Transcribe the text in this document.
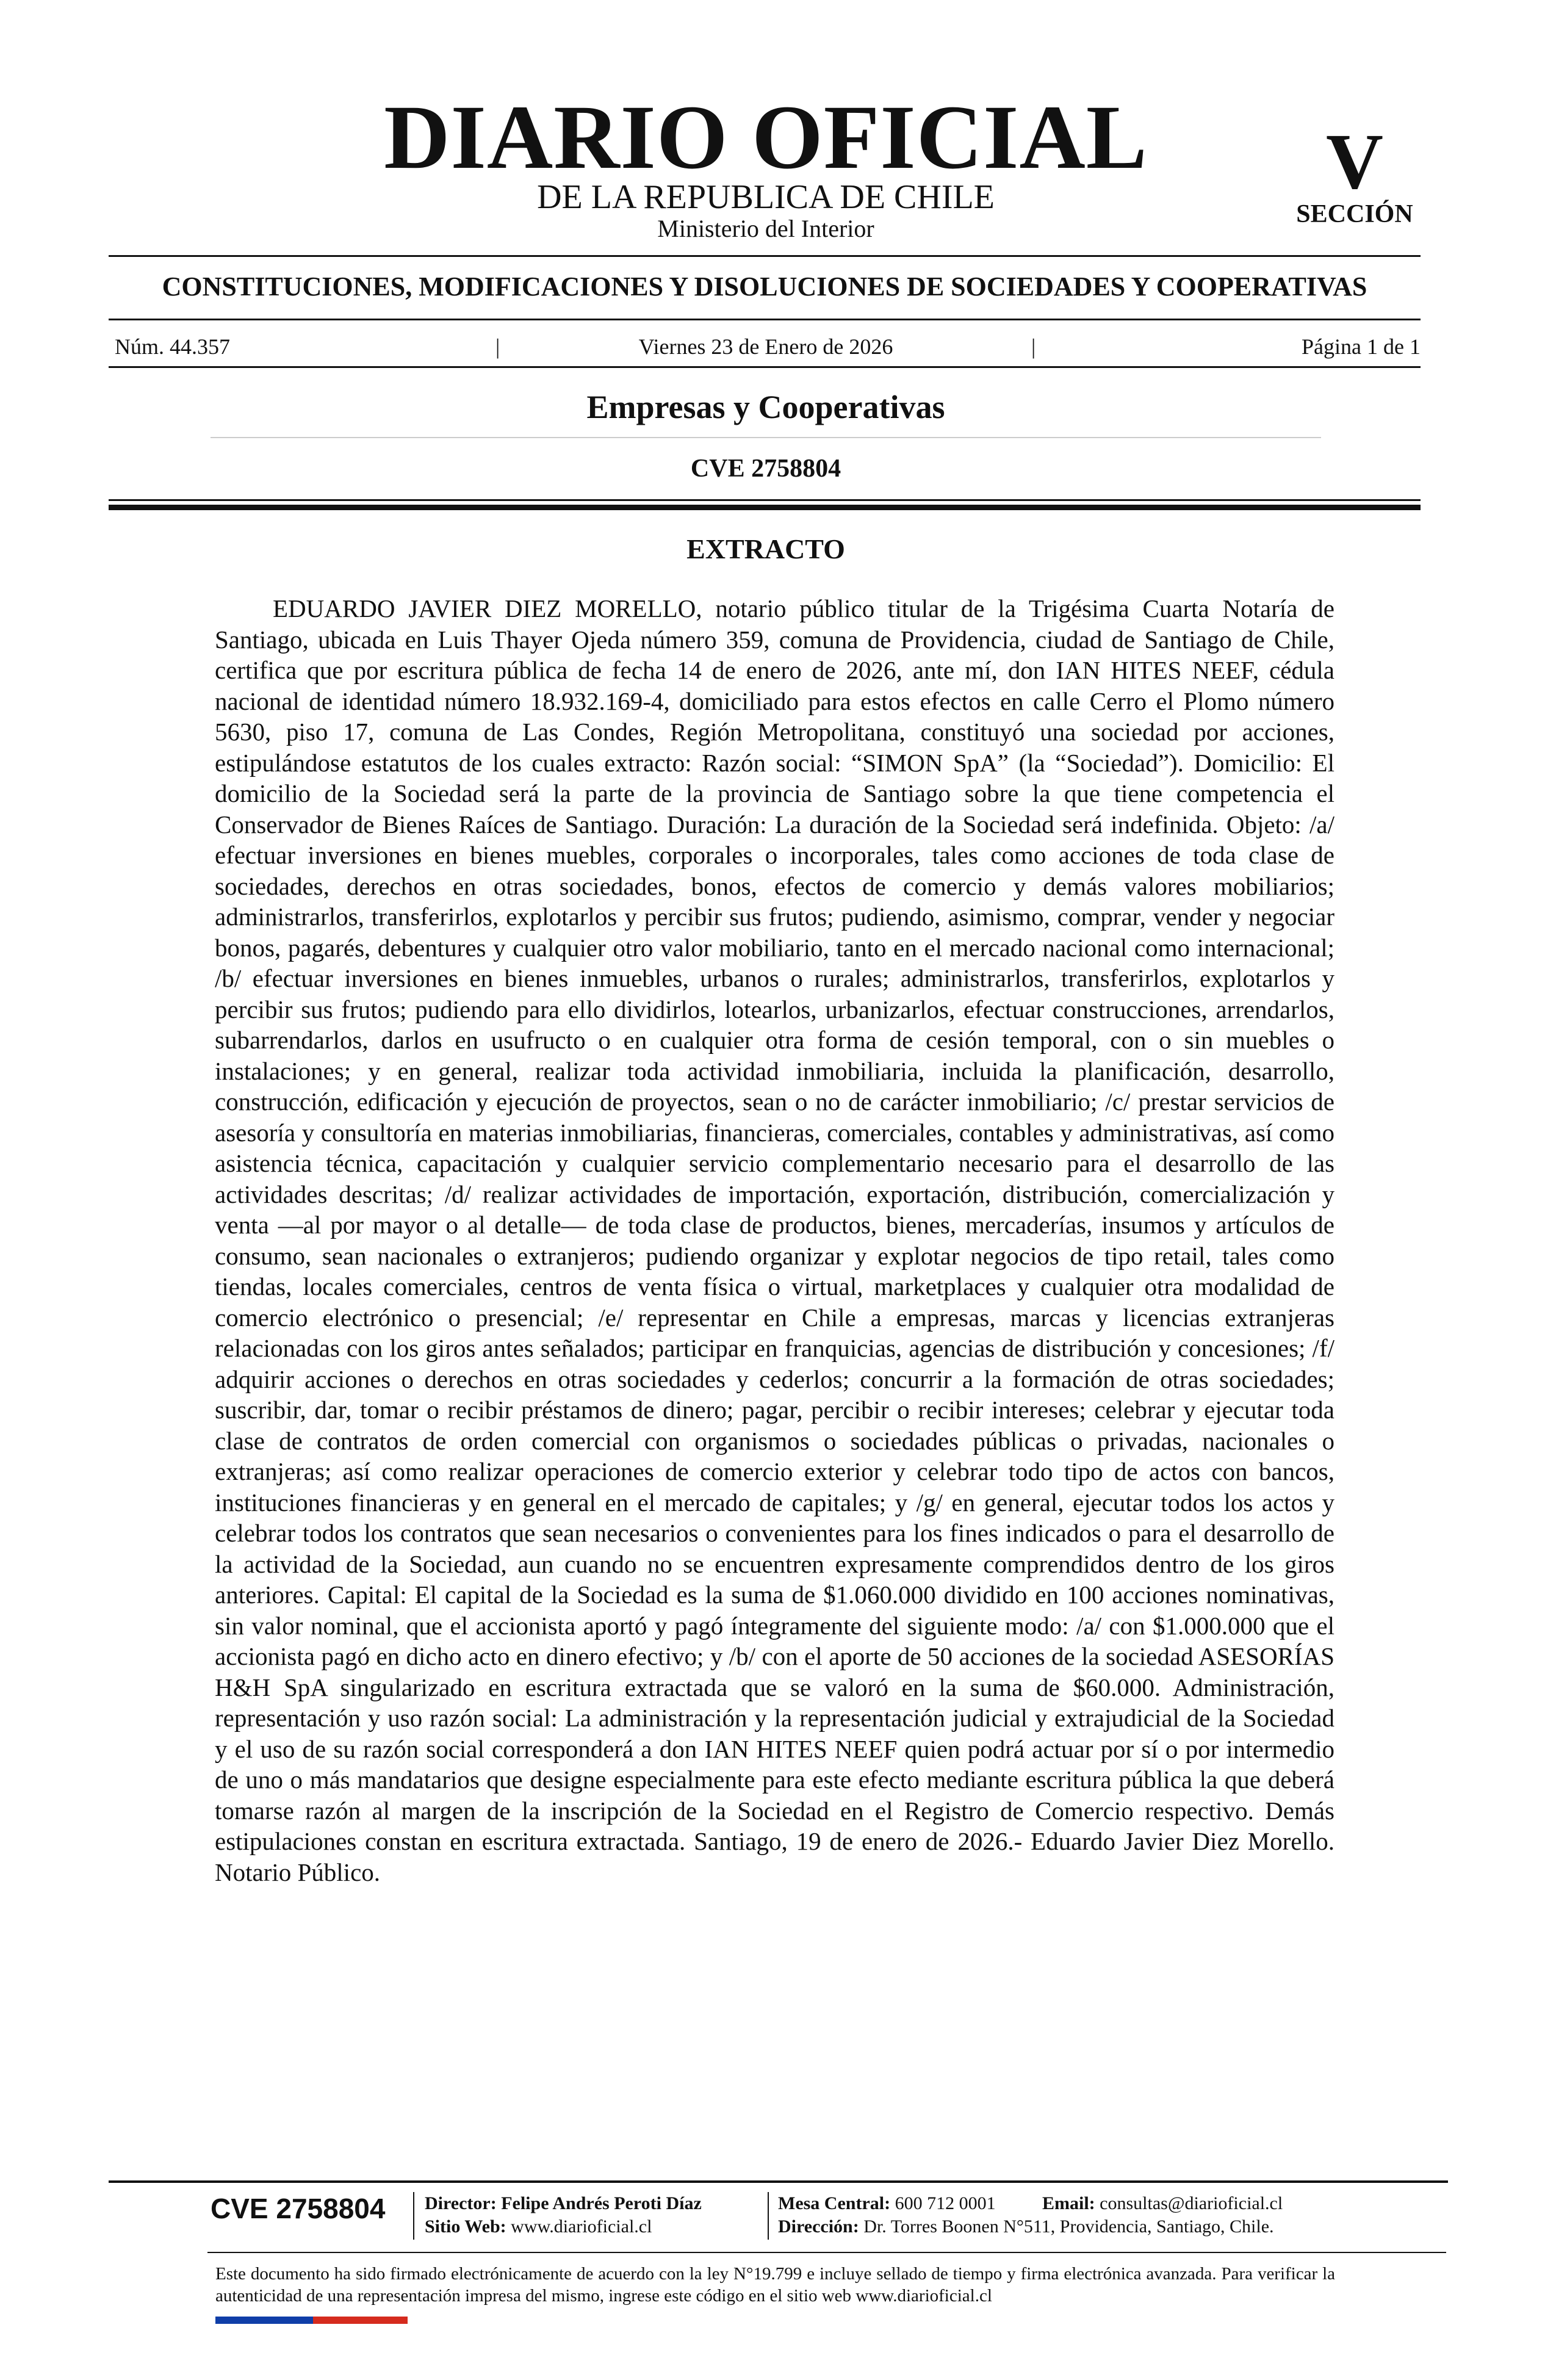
DIARIO OFICIAL
DE LA REPUBLICA DE CHILE
Ministerio del Interior
V
SECCIÓN
CONSTITUCIONES, MODIFICACIONES Y DISOLUCIONES DE SOCIEDADES Y COOPERATIVAS
Núm. 44.357	|	Viernes 23 de Enero de 2026	|	Página 1 de 1
Empresas y Cooperativas
CVE 2758804
EXTRACTO

EDUARDO JAVIER DIEZ MORELLO, notario público titular de la Trigésima Cuarta Notaría de Santiago, ubicada en Luis Thayer Ojeda número 359, comuna de Providencia, ciudad de Santiago de Chile, certifica que por escritura pública de fecha 14 de enero de 2026, ante mí, don IAN HITES NEEF, cédula nacional de identidad número 18.932.169-4, domiciliado para estos efectos en calle Cerro el Plomo número 5630, piso 17, comuna de Las Condes, Región Metropolitana, constituyó una sociedad por acciones, estipulándose estatutos de los cuales extracto: Razón social: “SIMON SpA” (la “Sociedad”). Domicilio: El domicilio de la Sociedad será la parte de la provincia de Santiago sobre la que tiene competencia el Conservador de Bienes Raíces de Santiago. Duración: La duración de la Sociedad será indefinida. Objeto: /a/ efectuar inversiones en bienes muebles, corporales o incorporales, tales como acciones de toda clase de sociedades, derechos en otras sociedades, bonos, efectos de comercio y demás valores mobiliarios; administrarlos, transferirlos, explotarlos y percibir sus frutos; pudiendo, asimismo, comprar, vender y negociar bonos, pagarés, debentures y cualquier otro valor mobiliario, tanto en el mercado nacional como internacional; /b/ efectuar inversiones en bienes inmuebles, urbanos o rurales; administrarlos, transferirlos, explotarlos y percibir sus frutos; pudiendo para ello dividirlos, lotearlos, urbanizarlos, efectuar construcciones, arrendarlos, subarrendarlos, darlos en usufructo o en cualquier otra forma de cesión temporal, con o sin muebles o instalaciones; y en general, realizar toda actividad inmobiliaria, incluida la planificación, desarrollo, construcción, edificación y ejecución de proyectos, sean o no de carácter inmobiliario; /c/ prestar servicios de asesoría y consultoría en materias inmobiliarias, financieras, comerciales, contables y administrativas, así como asistencia técnica, capacitación y cualquier servicio complementario necesario para el desarrollo de las actividades descritas; /d/ realizar actividades de importación, exportación, distribución, comercialización y venta —al por mayor o al detalle— de toda clase de productos, bienes, mercaderías, insumos y artículos de consumo, sean nacionales o extranjeros; pudiendo organizar y explotar negocios de tipo retail, tales como tiendas, locales comerciales, centros de venta física o virtual, marketplaces y cualquier otra modalidad de comercio electrónico o presencial; /e/ representar en Chile a empresas, marcas y licencias extranjeras relacionadas con los giros antes señalados; participar en franquicias, agencias de distribución y concesiones; /f/ adquirir acciones o derechos en otras sociedades y cederlos; concurrir a la formación de otras sociedades; suscribir, dar, tomar o recibir préstamos de dinero; pagar, percibir o recibir intereses; celebrar y ejecutar toda clase de contratos de orden comercial con organismos o sociedades públicas o privadas, nacionales o extranjeras; así como realizar operaciones de comercio exterior y celebrar todo tipo de actos con bancos, instituciones financieras y en general en el mercado de capitales; y /g/ en general, ejecutar todos los actos y celebrar todos los contratos que sean necesarios o convenientes para los fines indicados o para el desarrollo de la actividad de la Sociedad, aun cuando no se encuentren expresamente comprendidos dentro de los giros anteriores. Capital: El capital de la Sociedad es la suma de $1.060.000 dividido en 100 acciones nominativas, sin valor nominal, que el accionista aportó y pagó íntegramente del siguiente modo: /a/ con $1.000.000 que el accionista pagó en dicho acto en dinero efectivo; y /b/ con el aporte de 50 acciones de la sociedad ASESORÍAS H&H SpA singularizado en escritura extractada que se valoró en la suma de $60.000. Administración, representación y uso razón social: La administración y la representación judicial y extrajudicial de la Sociedad y el uso de su razón social corresponderá a don IAN HITES NEEF quien podrá actuar por sí o por intermedio de uno o más mandatarios que designe especialmente para este efecto mediante escritura pública la que deberá tomarse razón al margen de la inscripción de la Sociedad en el Registro de Comercio respectivo. Demás estipulaciones constan en escritura extractada. Santiago, 19 de enero de 2026.- Eduardo Javier Diez Morello. Notario Público.

CVE 2758804 Director: Felipe Andrés Peroti Díaz
Sitio Web: www.diarioficial.cl
Mesa Central: 600 712 0001	Email: consultas@diarioficial.cl
Dirección: Dr. Torres Boonen N°511, Providencia, Santiago, Chile.

Este documento ha sido firmado electrónicamente de acuerdo con la ley N°19.799 e incluye sellado de tiempo y firma electrónica avanzada. Para verificar la autenticidad de una representación impresa del mismo, ingrese este código en el sitio web www.diarioficial.cl
